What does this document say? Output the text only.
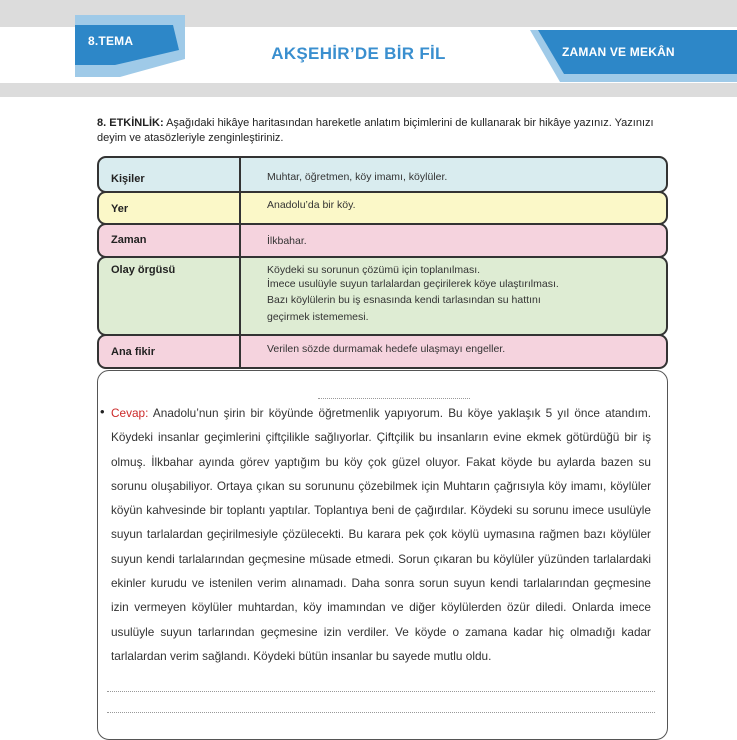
8.TEMA
AKŞEHİR’DE BİR FİL	ZAMAN VE MEKÂN
8. ETKİNLİK: Aşağıdaki hikâye haritasından hareketle anlatım biçimlerini de kullanarak bir hikâye yazınız. Yazınızı deyim ve atasözleriyle zenginleştiriniz.
Kişiler	Muhtar, öğretmen, köy imamı, köylüler.
Yer	Anadolu’da bir köy.
Zaman	İlkbahar.
Olay örgüsü	Köydeki su sorunun çözümü için toplanılması.
İmece usulüyle suyun tarlalardan geçirilerek köye ulaştırılması.
Bazı köylülerin bu iş esnasında kendi tarlasından su hattını
geçirmek istememesi.
Ana fikir	Verilen sözde durmamak hedefe ulaşmayı engeller.
• Cevap: Anadolu’nun şirin bir köyünde öğretmenlik yapıyorum. Bu köye yaklaşık 5 yıl önce atandım. Köydeki insanlar geçimlerini çiftçilikle sağlıyorlar. Çiftçilik bu insanların evine ekmek götürdüğü bir iş olmuş. İlkbahar ayında görev yaptığım bu köy çok güzel oluyor. Fakat köyde bu aylarda bazen su sorunu oluşabiliyor. Ortaya çıkan su sorununu çözebilmek için Muhtarın çağrısıyla köy imamı, köylüler köyün kahvesinde bir toplantı yaptılar. Toplantıya beni de çağırdılar. Köydeki su sorunu imece usulüyle suyun tarlalardan geçirilmesiyle çözülecekti. Bu karara pek çok köylü uymasına rağmen bazı köylüler suyun kendi tarlalarından geçmesine müsade etmedi. Sorun çıkaran bu köylüler yüzünden tarlalardaki ekinler kurudu ve istenilen verim alınamadı. Daha sonra sorun suyun kendi tarlalarından geçmesine izin vermeyen köylüler muhtardan, köy imamından ve diğer köylülerden özür diledi. Onlarda imece usulüyle suyun tarlarından geçmesine izin verdiler. Ve köyde o zamana kadar hiç olmadığı kadar tarlalardan verim sağlandı. Köydeki bütün insanlar bu sayede mutlu oldu.
